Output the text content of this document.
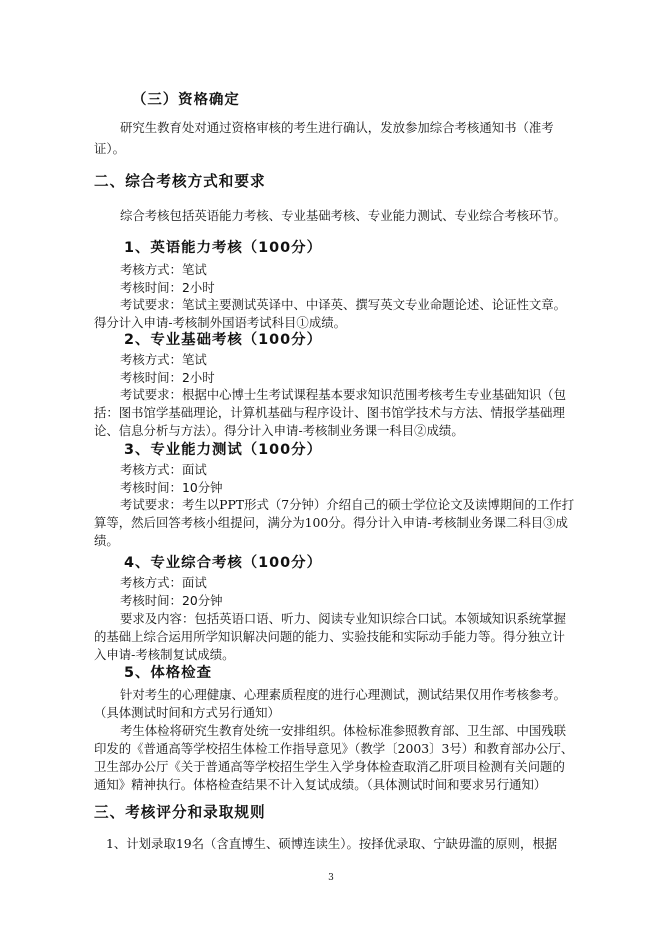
（三）资格确定
研究生教育处对通过资格审核的考生进行确认，发放参加综合考核通知书（准考
证）。
二、综合考核方式和要求
综合考核包括英语能力考核、专业基础考核、专业能力测试、专业综合考核环节。
1、英语能力考核（100分）
考核方式：笔试
考核时间：2小时
考试要求：笔试主要测试英译中、中译英、撰写英文专业命题论述、论证性文章。
得分计入申请-考核制外国语考试科目①成绩。
2、专业基础考核（100分）
考核方式：笔试
考核时间：2小时
考试要求：根据中心博士生考试课程基本要求知识范围考核考生专业基础知识（包
括：图书馆学基础理论，计算机基础与程序设计、图书馆学技术与方法、情报学基础理
论、信息分析与方法）。得分计入申请-考核制业务课一科目②成绩。
3、专业能力测试（100分）
考核方式：面试
考核时间：10分钟
考试要求：考生以PPT形式（7分钟）介绍自己的硕士学位论文及读博期间的工作打
算等，然后回答考核小组提问，满分为100分。得分计入申请-考核制业务课二科目③成
绩。
4、专业综合考核（100分）
考核方式：面试
考核时间：20分钟
要求及内容：包括英语口语、听力、阅读专业知识综合口试。本领域知识系统掌握
的基础上综合运用所学知识解决问题的能力、实验技能和实际动手能力等。得分独立计
入申请-考核制复试成绩。
5、体格检查
针对考生的心理健康、心理素质程度的进行心理测试，测试结果仅用作考核参考。
（具体测试时间和方式另行通知）
考生体检将研究生教育处统一安排组织。体检标准参照教育部、卫生部、中国残联
印发的《普通高等学校招生体检工作指导意见》（教学〔2003〕3号）和教育部办公厅、
卫生部办公厅《关于普通高等学校招生学生入学身体检查取消乙肝项目检测有关问题的
通知》精神执行。体格检查结果不计入复试成绩。（具体测试时间和要求另行通知）
三、考核评分和录取规则
1、计划录取19名（含直博生、硕博连读生）。按择优录取、宁缺毋滥的原则，根据
3
